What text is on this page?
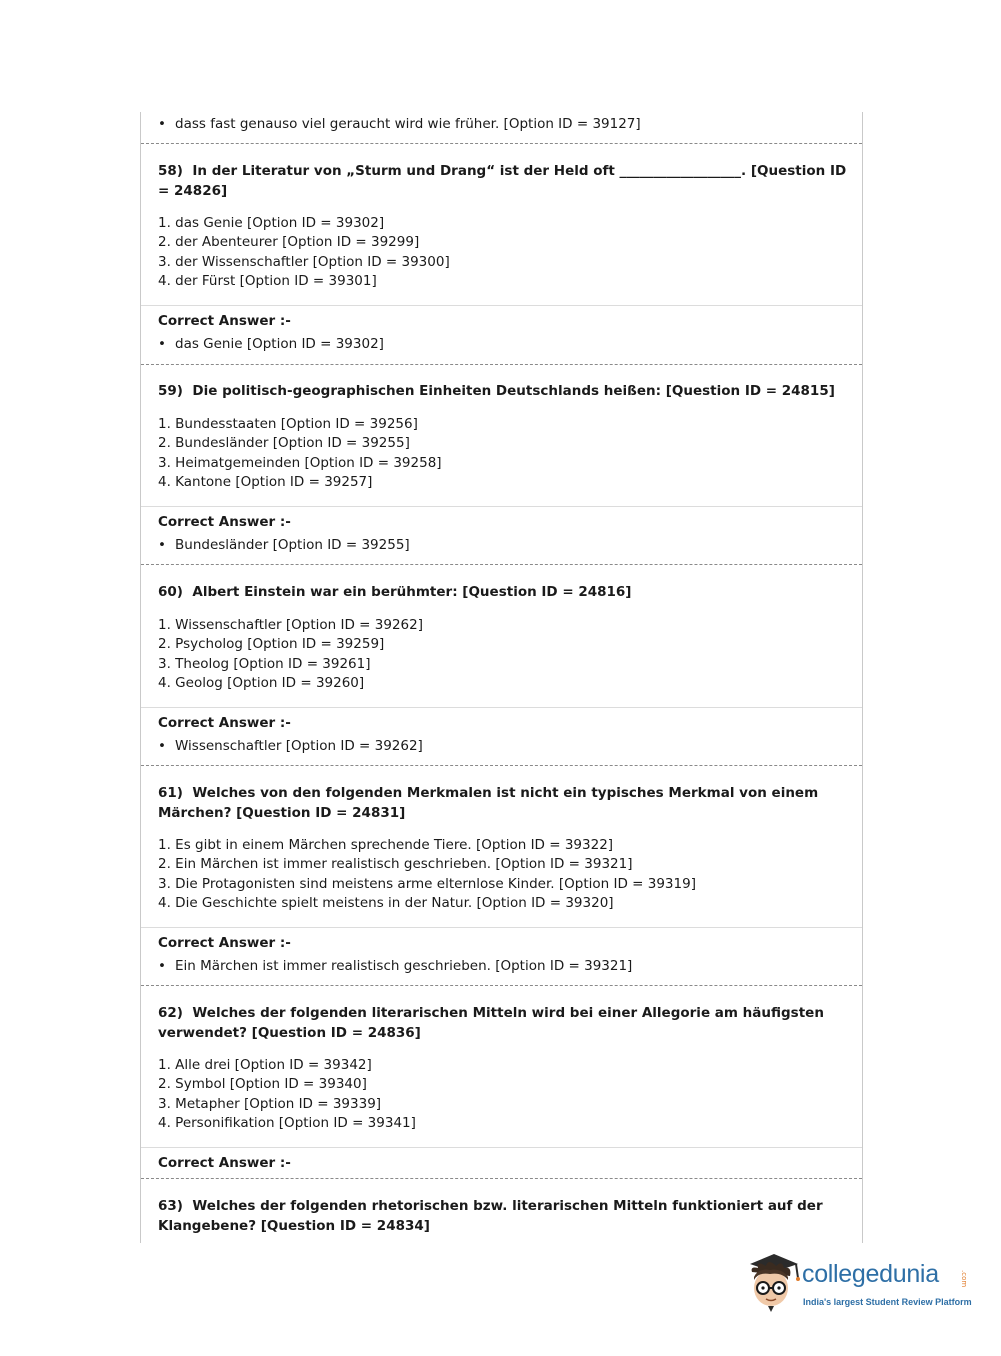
• dass fast genauso viel geraucht wird wie früher. [Option ID = 39127]
58) In der Literatur von „Sturm und Drang“ ist der Held oft __________________. [Question ID = 24826]
1. das Genie [Option ID = 39302]
2. der Abenteurer [Option ID = 39299]
3. der Wissenschaftler [Option ID = 39300]
4. der Fürst [Option ID = 39301]
Correct Answer :-
• das Genie [Option ID = 39302]
59) Die politisch-geographischen Einheiten Deutschlands heißen: [Question ID = 24815]
1. Bundesstaaten [Option ID = 39256]
2. Bundesländer [Option ID = 39255]
3. Heimatgemeinden [Option ID = 39258]
4. Kantone [Option ID = 39257]
Correct Answer :-
• Bundesländer [Option ID = 39255]
60) Albert Einstein war ein berühmter: [Question ID = 24816]
1. Wissenschaftler [Option ID = 39262]
2. Psycholog [Option ID = 39259]
3. Theolog [Option ID = 39261]
4. Geolog [Option ID = 39260]
Correct Answer :-
• Wissenschaftler [Option ID = 39262]
61) Welches von den folgenden Merkmalen ist nicht ein typisches Merkmal von einem Märchen? [Question ID = 24831]
1. Es gibt in einem Märchen sprechende Tiere. [Option ID = 39322]
2. Ein Märchen ist immer realistisch geschrieben. [Option ID = 39321]
3. Die Protagonisten sind meistens arme elternlose Kinder. [Option ID = 39319]
4. Die Geschichte spielt meistens in der Natur. [Option ID = 39320]
Correct Answer :-
• Ein Märchen ist immer realistisch geschrieben. [Option ID = 39321]
62) Welches der folgenden literarischen Mitteln wird bei einer Allegorie am häufigsten verwendet? [Question ID = 24836]
1. Alle drei [Option ID = 39342]
2. Symbol [Option ID = 39340]
3. Metapher [Option ID = 39339]
4. Personifikation [Option ID = 39341]
Correct Answer :-
63) Welches der folgenden rhetorischen bzw. literarischen Mitteln funktioniert auf der Klangebene? [Question ID = 24834]
collegedunia	.com
India's largest Student Review Platform
